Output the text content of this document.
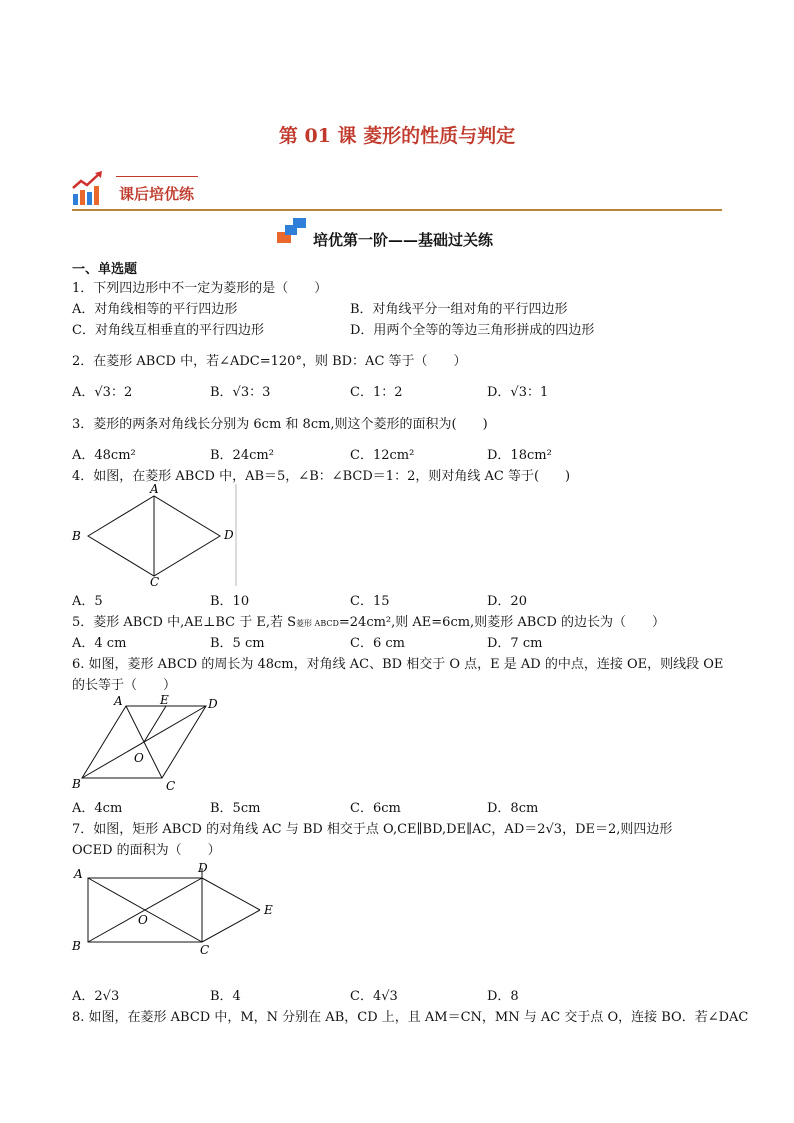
第 01 课 菱形的性质与判定
课后培优练
培优第一阶——基础过关练
一、单选题
1．下列四边形中不一定为菱形的是（　　）
A．对角线相等的平行四边形	B．对角线平分一组对角的平行四边形
C．对角线互相垂直的平行四边形	D．用两个全等的等边三角形拼成的四边形
2．在菱形 ABCD 中，若∠ADC=120°，则 BD：AC 等于（　　）
A．√3：2	B．√3：3	C．1：2	D．√3：1
3．菱形的两条对角线长分别为 6cm 和 8cm,则这个菱形的面积为(　　)
A．48cm²	B．24cm²	C．12cm²	D．18cm²
4．如图，在菱形 ABCD 中，AB＝5，∠B：∠BCD＝1：2，则对角线 AC 等于(　　)
A
B	D
C
A．5	B．10	C．15	D．20
5．菱形 ABCD 中,AE⊥BC 于 E,若 S菱形 ABCD=24cm²,则 AE=6cm,则菱形 ABCD 的边长为（　　）
A．4 cm	B．5 cm	C．6 cm	D．7 cm
6. 如图，菱形 ABCD 的周长为 48cm，对角线 AC、BD 相交于 O 点，E 是 AD 的中点，连接 OE，则线段 OE
的长等于（　　）
A	E	D
O
B	C
A．4cm	B．5cm	C．6cm	D．8cm
7．如图，矩形 ABCD 的对角线 AC 与 BD 相交于点 O,CE∥BD,DE∥AC，AD＝2√3，DE＝2,则四边形
OCED 的面积为（　　）
A	D
E
O
B	C
A．2√3	B．4	C．4√3	D．8
8. 如图，在菱形 ABCD 中，M，N 分别在 AB，CD 上，且 AM＝CN，MN 与 AC 交于点 O，连接 BO．若∠DAC
